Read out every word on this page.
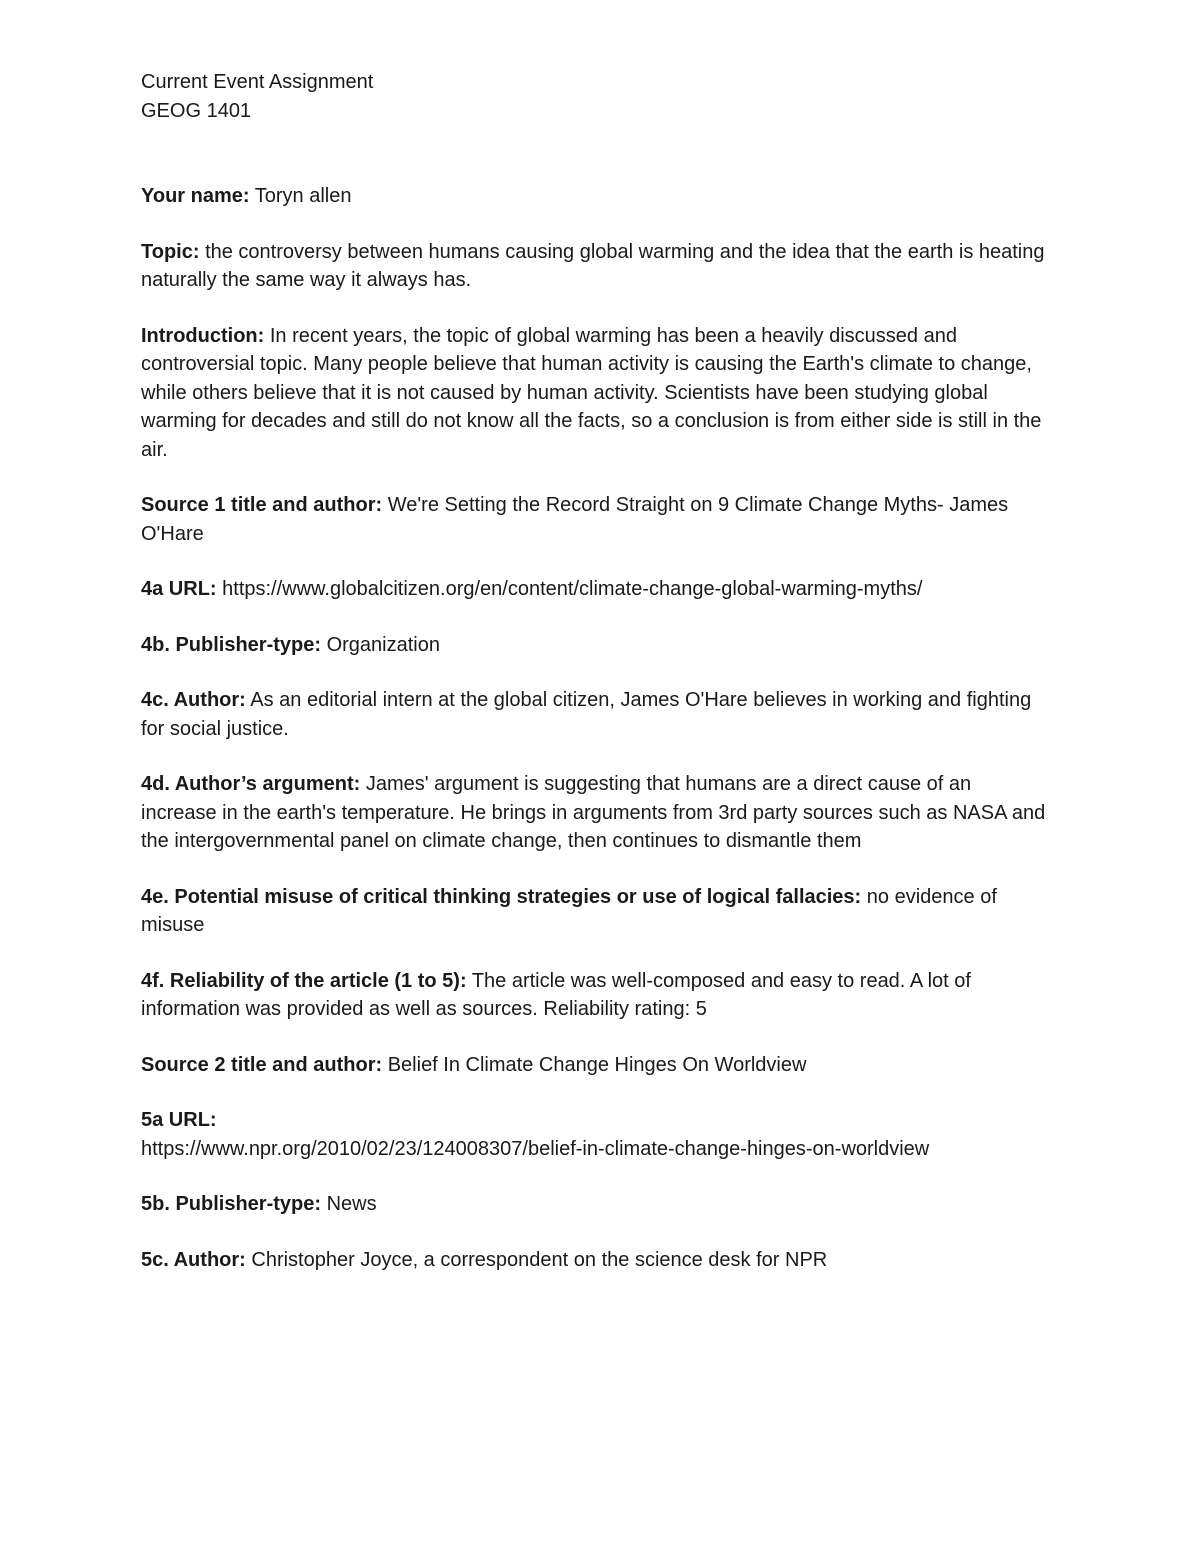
Current Event Assignment

GEOG 1401

Your name: Toryn allen

Topic: the controversy between humans causing global warming and the idea that the earth is heating naturally the same way it always has.

Introduction: In recent years, the topic of global warming has been a heavily discussed and controversial topic. Many people believe that human activity is causing the Earth's climate to change, while others believe that it is not caused by human activity. Scientists have been studying global warming for decades and still do not know all the facts, so a conclusion is from either side is still in the air.

Source 1 title and author: We're Setting the Record Straight on 9 Climate Change Myths- James O'Hare

4a URL: https://www.globalcitizen.org/en/content/climate-change-global-warming-myths/

4b. Publisher-type: Organization

4c. Author: As an editorial intern at the global citizen, James O'Hare believes in working and fighting for social justice.

4d. Author’s argument: James' argument is suggesting that humans are a direct cause of an increase in the earth's temperature. He brings in arguments from 3rd party sources such as NASA and the intergovernmental panel on climate change, then continues to dismantle them

4e. Potential misuse of critical thinking strategies or use of logical fallacies: no evidence of misuse

4f. Reliability of the article (1 to 5): The article was well-composed and easy to read. A lot of information was provided as well as sources. Reliability rating: 5

Source 2 title and author: Belief In Climate Change Hinges On Worldview

5a URL:
https://www.npr.org/2010/02/23/124008307/belief-in-climate-change-hinges-on-worldview

5b. Publisher-type: News

5c. Author: Christopher Joyce, a correspondent on the science desk for NPR
